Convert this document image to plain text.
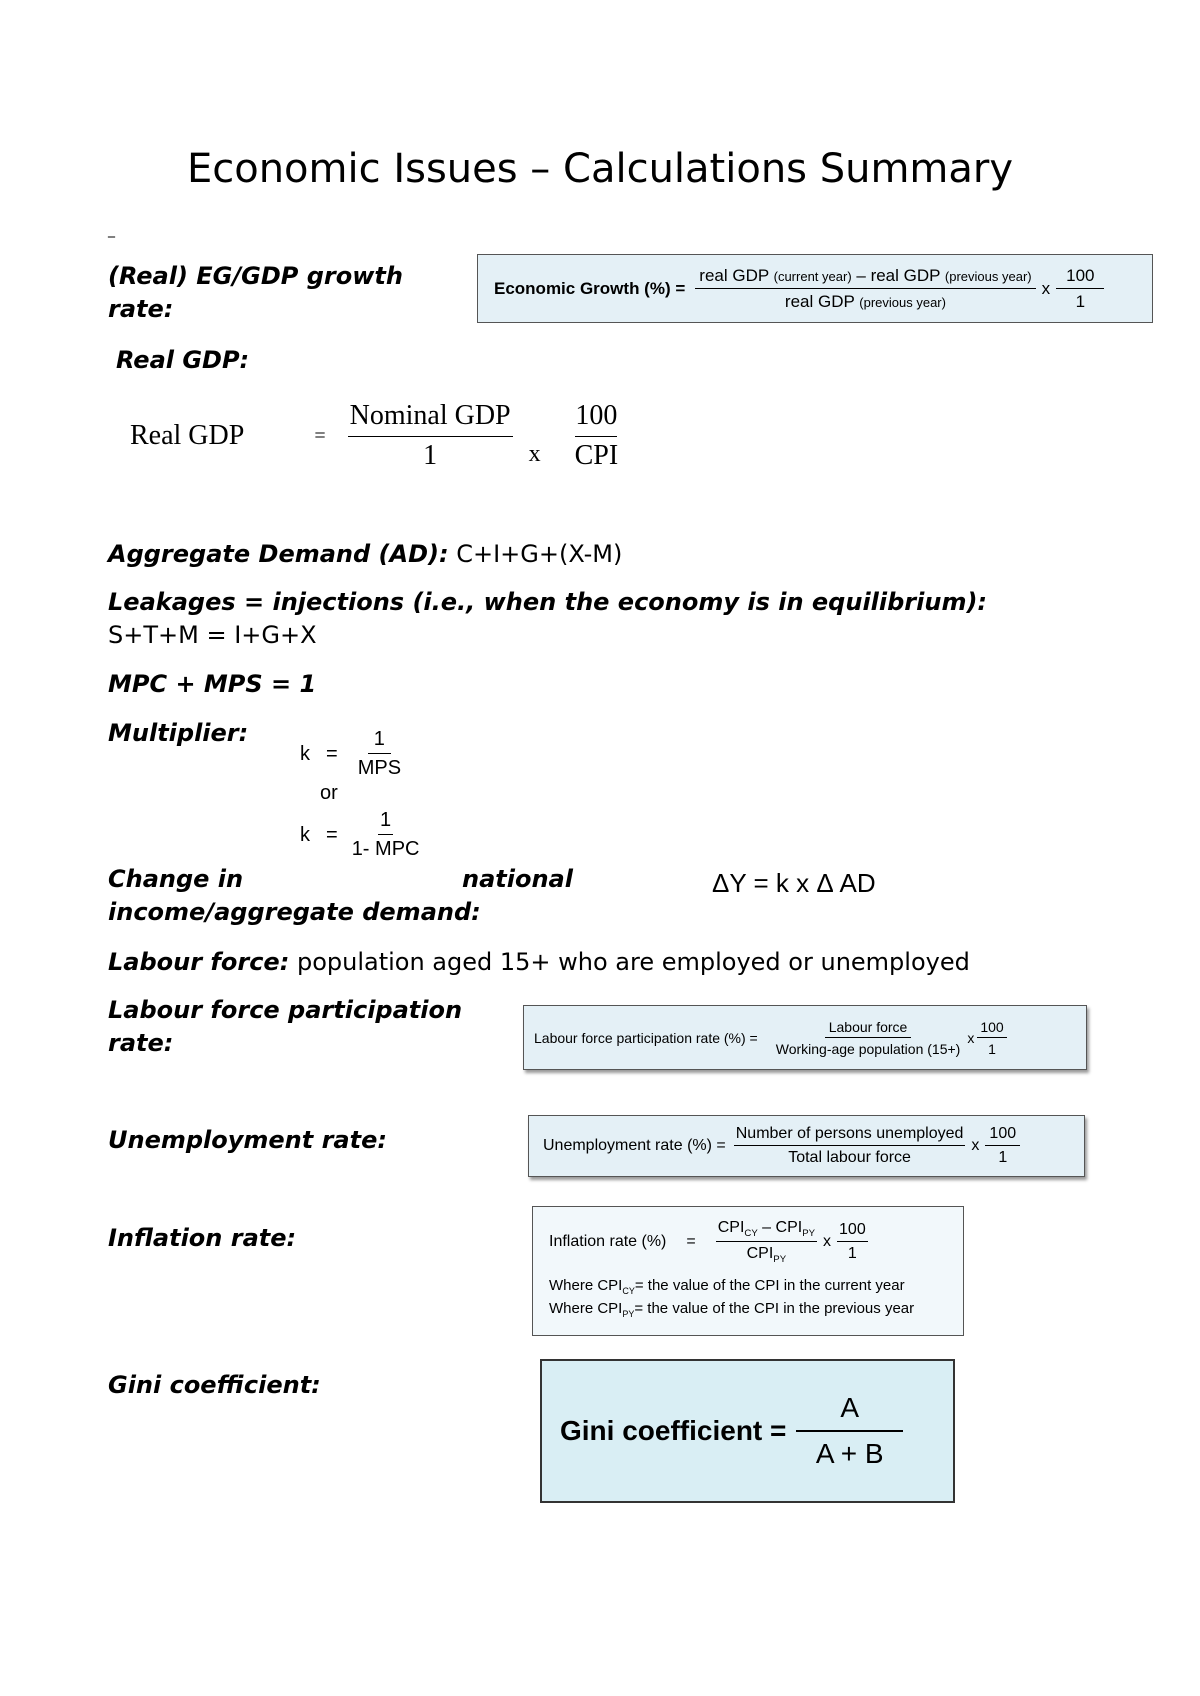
Economic Issues – Calculations Summary
_
(Real) EG/GDP growth
rate:
Economic Growth (%) =
real GDP (current year) – real GDP (previous year)
real GDP (previous year)
x $\frac{100}{1}$
Real GDP:
Real GDP	= $\frac{\text{Nominal GDP}}{1}$ x $\frac{100}{\text{CPI}}$
Aggregate Demand (AD): C+I+G+(X-M)
Leakages = injections (i.e., when the economy is in equilibrium):
S+T+M = I+G+X
MPC + MPS = 1
Multiplier:
$k = \frac{1}{\text{MPS}}$
or
$k = \frac{1}{\text{1- MPC}}$
Change in	national
income/aggregate demand:
ΔY = k x Δ AD
Labour force: population aged 15+ who are employed or unemployed
Labour force participation
rate:	Labour force participation rate (%) = $\frac{\text{Labour force}}{\text{Working-age population (15+)}}$ x $\frac{100}{1}$
Unemployment rate:	Unemployment rate (%) = $\frac{\text{Number of persons unemployed}}{\text{Total labour force}}$ x $\frac{100}{1}$
Inflation rate:	Inflation rate (%) = $\frac{CPI_{CY} - CPI_{PY}}{CPI_{PY}}$ x $\frac{100}{1}$
Where $CPI_{CY}=$ the value of the CPI in the current year
Where $CPI_{PY}=$ the value of the CPI in the previous year
Gini coefficient:
Gini coefficient = $\frac{A}{A + B}$
